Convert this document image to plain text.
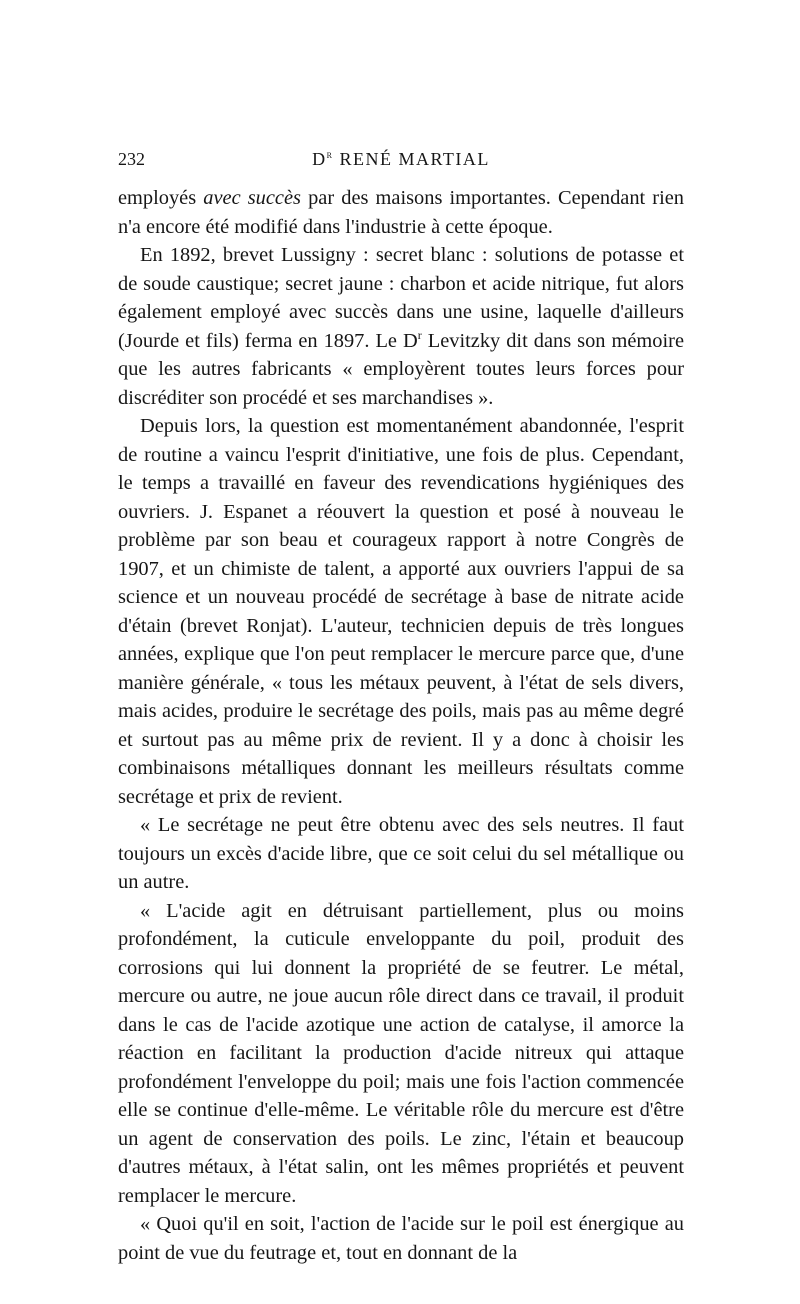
232	$D^r$ RENÉ MARTIAL

employés avec succès par des maisons importantes. Cependant rien n'a encore été modifié dans l'industrie à cette époque.

En 1892, brevet Lussigny : secret blanc : solutions de potasse et de soude caustique; secret jaune : charbon et acide nitrique, fut alors également employé avec succès dans une usine, laquelle d'ailleurs (Jourde et fils) ferma en 1897. Le $D^r$ Levitzky dit dans son mémoire que les autres fabricants « employèrent toutes leurs forces pour discréditer son procédé et ses marchandises ».

Depuis lors, la question est momentanément abandonnée, l'esprit de routine a vaincu l'esprit d'initiative, une fois de plus. Cependant, le temps a travaillé en faveur des revendications hygiéniques des ouvriers. J. Espanet a réouvert la question et posé à nouveau le problème par son beau et courageux rapport à notre Congrès de 1907, et un chimiste de talent, a apporté aux ouvriers l'appui de sa science et un nouveau procédé de secrétage à base de nitrate acide d'étain (brevet Ronjat). L'auteur, technicien depuis de très longues années, explique que l'on peut remplacer le mercure parce que, d'une manière générale, « tous les métaux peuvent, à l'état de sels divers, mais acides, produire le secrétage des poils, mais pas au même degré et surtout pas au même prix de revient. Il y a donc à choisir les combinaisons métalliques donnant les meilleurs résultats comme secrétage et prix de revient.

« Le secrétage ne peut être obtenu avec des sels neutres. Il faut toujours un excès d'acide libre, que ce soit celui du sel métallique ou un autre.

« L'acide agit en détruisant partiellement, plus ou moins profondément, la cuticule enveloppante du poil, produit des corrosions qui lui donnent la propriété de se feutrer. Le métal, mercure ou autre, ne joue aucun rôle direct dans ce travail, il produit dans le cas de l'acide azotique une action de catalyse, il amorce la réaction en facilitant la production d'acide nitreux qui attaque profondément l'enveloppe du poil; mais une fois l'action commencée elle se continue d'elle-même. Le véritable rôle du mercure est d'être un agent de conservation des poils. Le zinc, l'étain et beaucoup d'autres métaux, à l'état salin, ont les mêmes propriétés et peuvent remplacer le mercure.

« Quoi qu'il en soit, l'action de l'acide sur le poil est énergique au point de vue du feutrage et, tout en donnant de la
